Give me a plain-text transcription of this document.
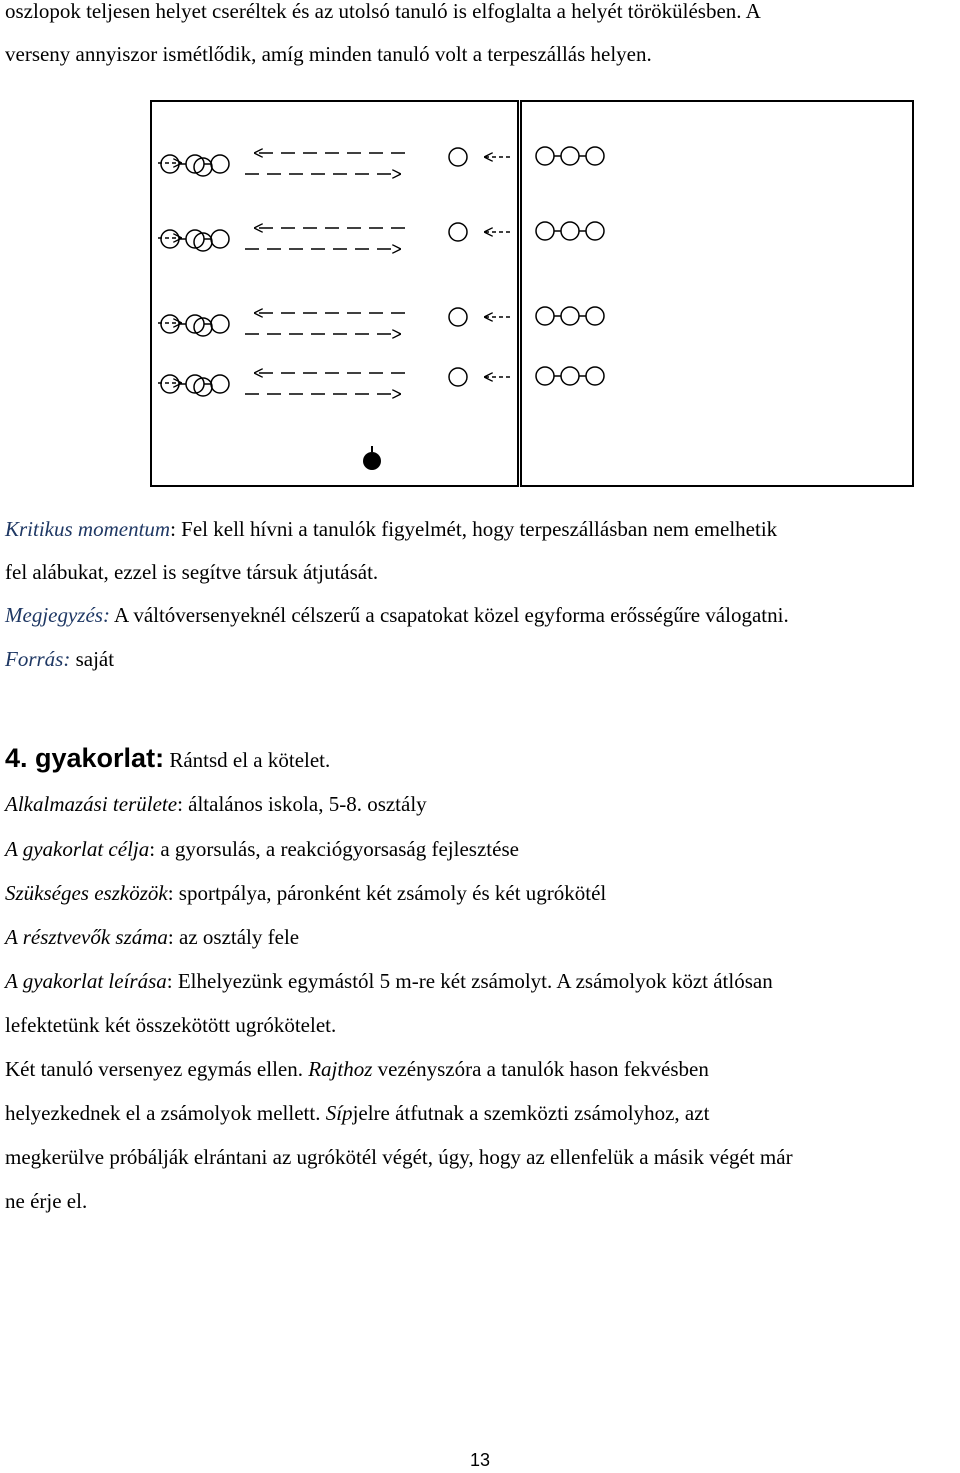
oszlopok teljesen helyet cseréltek és az utolsó tanuló is elfoglalta a helyét törökülésben. A
verseny annyiszor ismétlődik, amíg minden tanuló volt a terpeszállás helyen.
Kritikus momentum: Fel kell hívni a tanulók figyelmét, hogy terpeszállásban nem emelhetik
fel alábukat, ezzel is segítve társuk átjutását.
Megjegyzés: A váltóversenyeknél célszerű a csapatokat közel egyforma erősségűre válogatni.
Forrás: saját
4. gyakorlat: Rántsd el a kötelet.
Alkalmazási területe: általános iskola, 5-8. osztály
A gyakorlat célja: a gyorsulás, a reakciógyorsaság fejlesztése
Szükséges eszközök: sportpálya, páronként két zsámoly és két ugrókötél
A résztvevők száma: az osztály fele
A gyakorlat leírása: Elhelyezünk egymástól 5 m-re két zsámolyt. A zsámolyok közt átlósan
lefektetünk két összekötött ugrókötelet.
Két tanuló versenyez egymás ellen. Rajthoz vezényszóra a tanulók hason fekvésben
helyezkednek el a zsámolyok mellett. Sípjelre átfutnak a szemközti zsámolyhoz, azt
megkerülve próbálják elrántani az ugrókötél végét, úgy, hogy az ellenfelük a másik végét már
ne érje el.
13
